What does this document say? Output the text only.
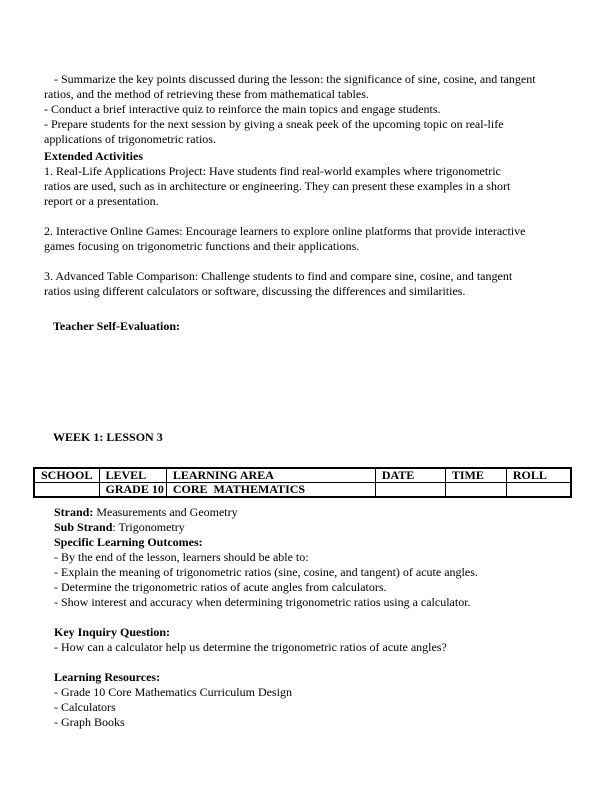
- Summarize the key points discussed during the lesson: the significance of sine, cosine, and tangent
ratios, and the method of retrieving these from mathematical tables.
- Conduct a brief interactive quiz to reinforce the main topics and engage students.
- Prepare students for the next session by giving a sneak peek of the upcoming topic on real-life
applications of trigonometric ratios.
Extended Activities
1. Real-Life Applications Project: Have students find real-world examples where trigonometric
ratios are used, such as in architecture or engineering. They can present these examples in a short
report or a presentation.
2. Interactive Online Games: Encourage learners to explore online platforms that provide interactive
games focusing on trigonometric functions and their applications.
3. Advanced Table Comparison: Challenge students to find and compare sine, cosine, and tangent
ratios using different calculators or software, discussing the differences and similarities.
Teacher Self-Evaluation:
WEEK 1: LESSON 3
SCHOOL	LEVEL	LEARNING AREA	DATE	TIME	ROLL
	GRADE 10	CORE  MATHEMATICS			
Strand: Measurements and Geometry
Sub Strand: Trigonometry
Specific Learning Outcomes:
- By the end of the lesson, learners should be able to:
- Explain the meaning of trigonometric ratios (sine, cosine, and tangent) of acute angles.
- Determine the trigonometric ratios of acute angles from calculators.
- Show interest and accuracy when determining trigonometric ratios using a calculator.
Key Inquiry Question:
- How can a calculator help us determine the trigonometric ratios of acute angles?
Learning Resources:
- Grade 10 Core Mathematics Curriculum Design
- Calculators
- Graph Books
